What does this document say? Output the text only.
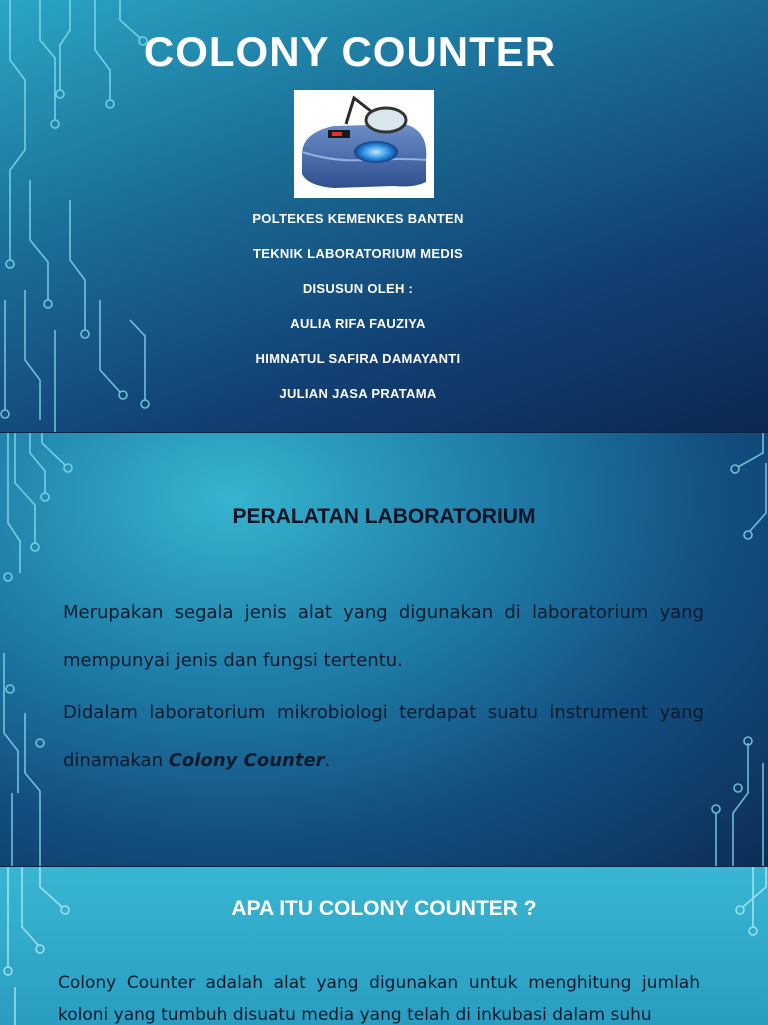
COLONY COUNTER
POLTEKES KEMENKES BANTEN
TEKNIK LABORATORIUM MEDIS
DISUSUN OLEH :
AULIA RIFA FAUZIYA
HIMNATUL SAFIRA DAMAYANTI
JULIAN JASA PRATAMA
PERALATAN LABORATORIUM
Merupakan segala jenis alat yang digunakan di laboratorium yang mempunyai jenis dan fungsi tertentu.
Didalam laboratorium mikrobiologi terdapat suatu instrument yang dinamakan Colony Counter.
APA ITU COLONY COUNTER ?
Colony Counter adalah alat yang digunakan untuk menghitung jumlah koloni yang tumbuh disuatu media yang telah di inkubasi dalam suhu
